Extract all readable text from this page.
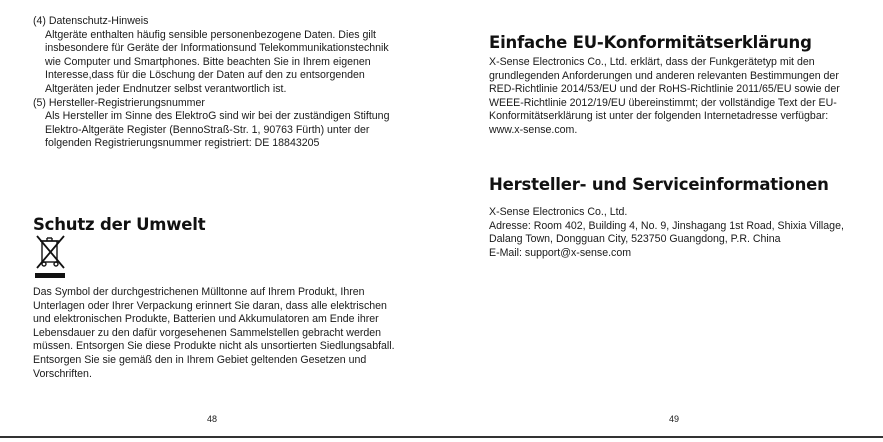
(4) Datenschutz-Hinweis

Altgeräte enthalten häufig sensible personenbezogene Daten. Dies gilt insbesondere für Geräte der Informationsund Telekommunikationstechnik wie Computer und Smartphones. Bitte beachten Sie in Ihrem eigenen Interesse,dass für die Löschung der Daten auf den zu entsorgenden Altgeräten jeder Endnutzer selbst verantwortlich ist.

(5) Hersteller-Registrierungsnummer

Als Hersteller im Sinne des ElektroG sind wir bei der zuständigen Stiftung Elektro-Altgeräte Register (BennoStraß-Str. 1, 90763 Fürth) unter der folgenden Registrierungsnummer registriert: DE 18843205

Schutz der Umwelt

Das Symbol der durchgestrichenen Mülltonne auf Ihrem Produkt, Ihren Unterlagen oder Ihrer Verpackung erinnert Sie daran, dass alle elektrischen und elektronischen Produkte, Batterien und Akkumulatoren am Ende ihrer Lebensdauer zu den dafür vorgesehenen Sammelstellen gebracht werden müssen. Entsorgen Sie diese Produkte nicht als unsortierten Siedlungsabfall. Entsorgen Sie sie gemäß den in Ihrem Gebiet geltenden Gesetzen und Vorschriften.

48
Einfache EU-Konformitätserklärung

X-Sense Electronics Co., Ltd. erklärt, dass der Funkgerätetyp mit den grundlegenden Anforderungen und anderen relevanten Bestimmungen der RED-Richtlinie 2014/53/EU und der RoHS-Richtlinie 2011/65/EU sowie der WEEE-Richtlinie 2012/19/EU übereinstimmt; der vollständige Text der EU-Konformitätserklärung ist unter der folgenden Internetadresse verfügbar: www.x-sense.com.

Hersteller- und Serviceinformationen

X-Sense Electronics Co., Ltd.

Adresse: Room 402, Building 4, No. 9, Jinshagang 1st Road, Shixia Village, Dalang Town, Dongguan City, 523750 Guangdong, P.R. China

E-Mail: support@x-sense.com

49
